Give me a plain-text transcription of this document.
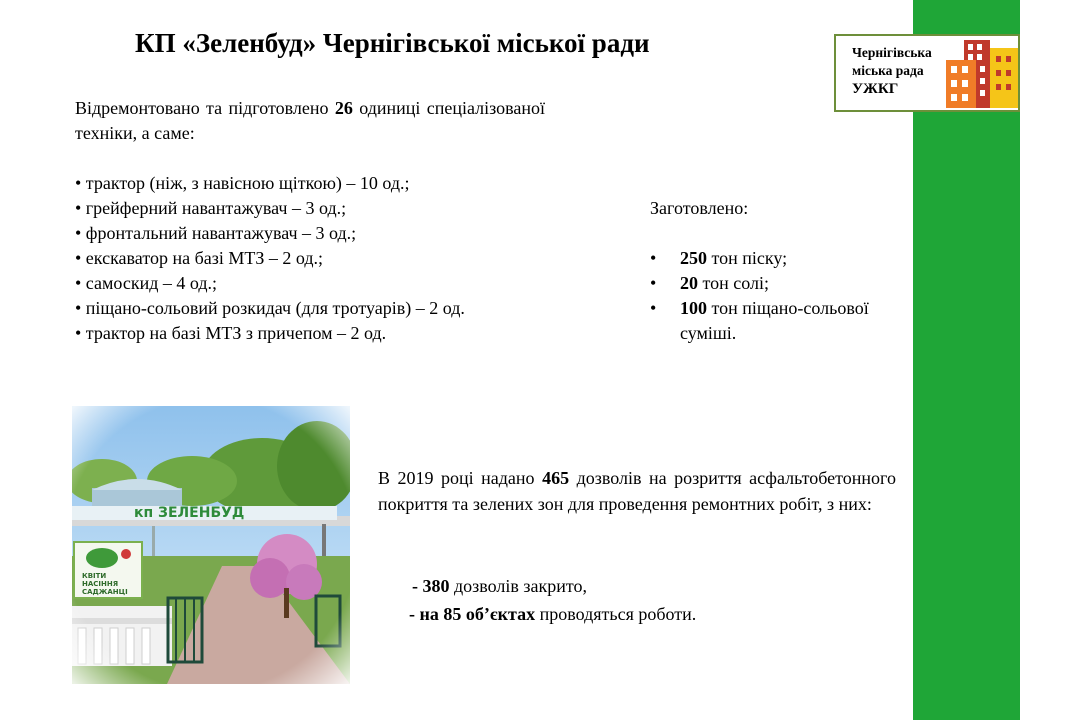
КП «Зеленбуд» Чернігівської міської ради	Чернігівська
міська рада
УЖКГ
Відремонтовано та підготовлено 26 одиниці спеціалізованої техніки, а саме:
• трактор (ніж, з навісною щіткою) – 10 од.;
• грейферний навантажувач – 3 од.;
• фронтальний навантажувач – 3 од.;
• екскаватор на базі МТЗ – 2 од.;
• самоскид – 4 од.;
• піщано-сольовий розкидач (для тротуарів) – 2 од.
• трактор на базі МТЗ з причепом – 2 од.
Заготовлено:
• 250 тон піску;
• 20 тон солі;
• 100 тон піщано-сольової суміші.
В 2019 році надано 465 дозволів на розриття асфальтобетонного покриття та зелених зон для проведення ремонтних робіт, з них:
- 380 дозволів закрито,
- на 85 об’єктах проводяться роботи.
